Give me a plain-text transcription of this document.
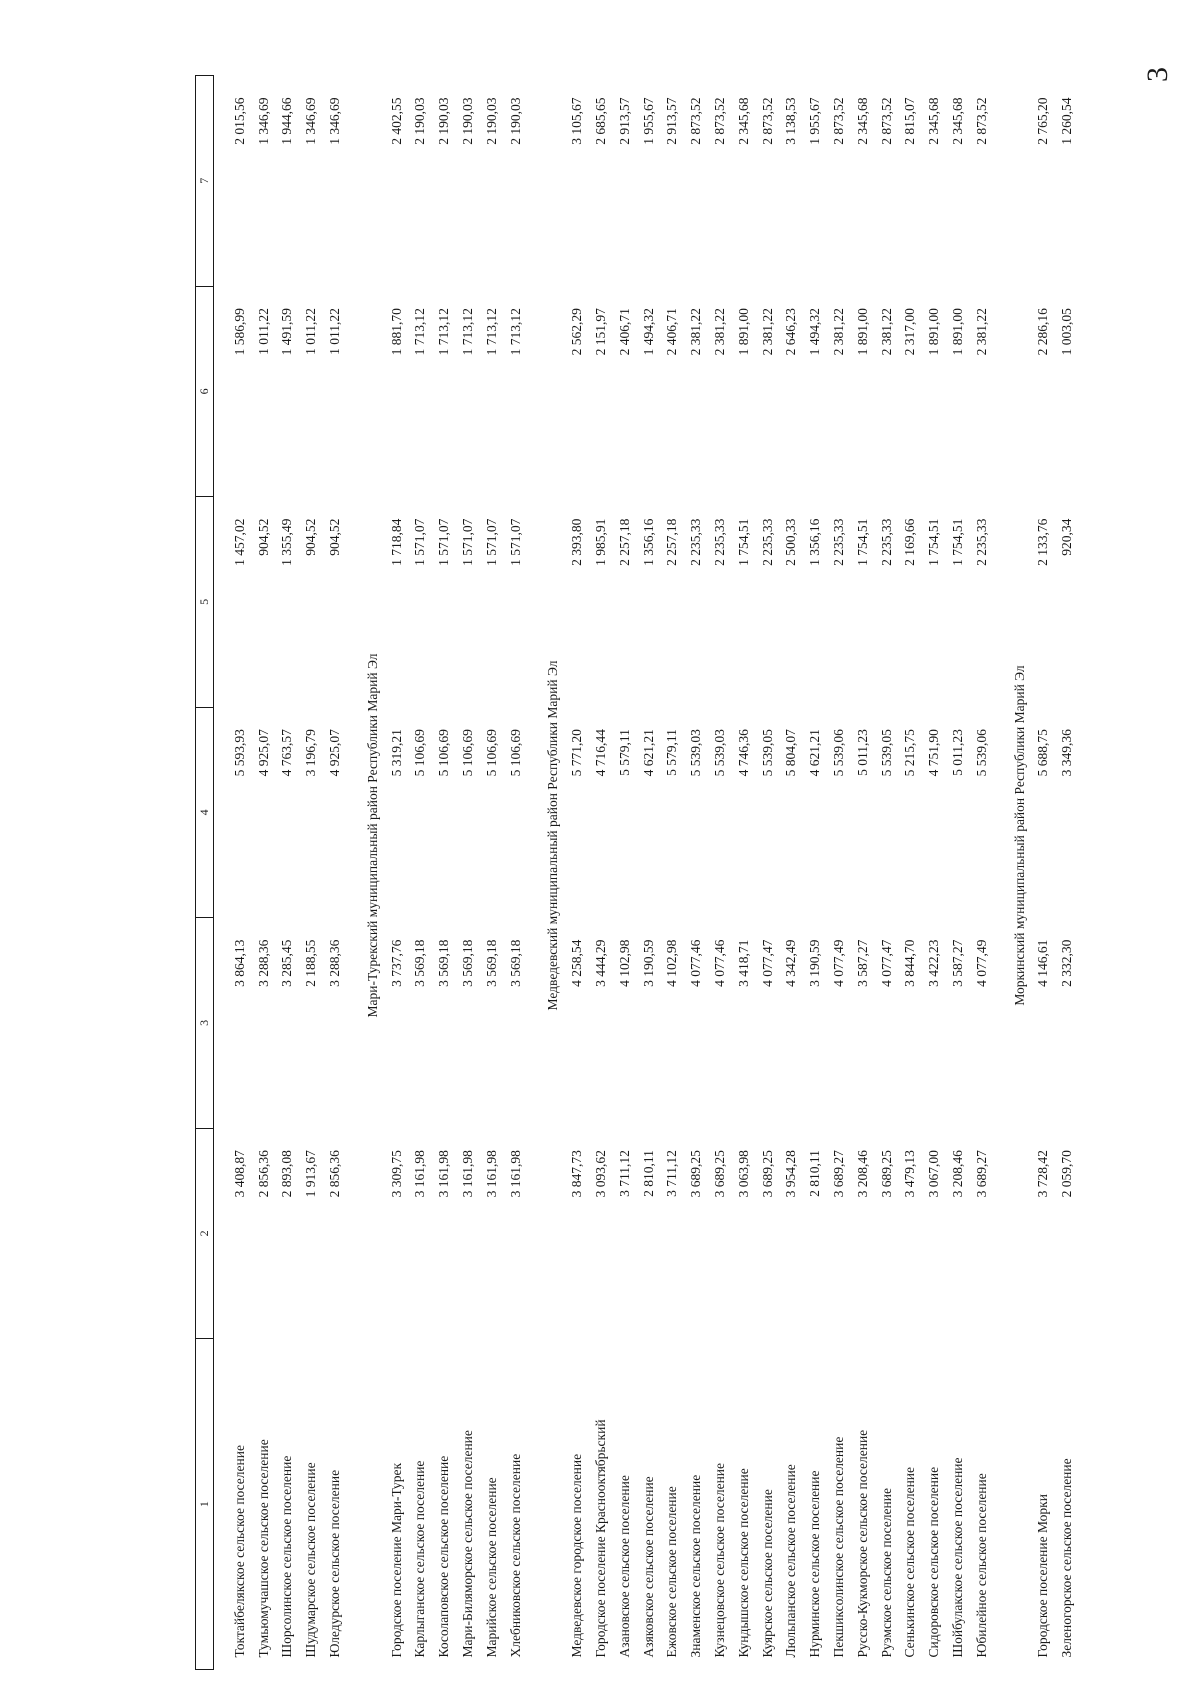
3
1	2	3	4	5	6	7

Токтайбелякское сельское поселение	3 408,87	3 864,13	5 593,93	1 457,02	1 586,99	2 015,56
Тумьюмучашское сельское поселение	2 856,36	3 288,36	4 925,07	904,52	1 011,22	1 346,69
Шорсолинское сельское поселение	2 893,08	3 285,45	4 763,57	1 355,49	1 491,59	1 944,66
Шудумарское сельское поселение	1 913,67	2 188,55	3 196,79	904,52	1 011,22	1 346,69
Юледурское сельское поселение	2 856,36	3 288,36	4 925,07	904,52	1 011,22	1 346,69

Мари-Турекский муниципальный район Республики Марий Эл						
Городское поселение Мари-Турек	3 309,75	3 737,76	5 319,21	1 718,84	1 881,70	2 402,55
Карлыганское сельское поселение	3 161,98	3 569,18	5 106,69	1 571,07	1 713,12	2 190,03
Косолаповское сельское поселение	3 161,98	3 569,18	5 106,69	1 571,07	1 713,12	2 190,03
Мари-Биляморское сельское поселение	3 161,98	3 569,18	5 106,69	1 571,07	1 713,12	2 190,03
Марийское сельское поселение	3 161,98	3 569,18	5 106,69	1 571,07	1 713,12	2 190,03
Хлебниковское сельское поселение	3 161,98	3 569,18	5 106,69	1 571,07	1 713,12	2 190,03

Медведевский муниципальный район Республики Марий Эл						
Медведевское городское поселение	3 847,73	4 258,54	5 771,20	2 393,80	2 562,29	3 105,67
Городское поселение Краснооктябрьский	3 093,62	3 444,29	4 716,44	1 985,91	2 151,97	2 685,65
Азановское сельское поселение	3 711,12	4 102,98	5 579,11	2 257,18	2 406,71	2 913,57
Азяковское сельское поселение	2 810,11	3 190,59	4 621,21	1 356,16	1 494,32	1 955,67
Ежовское сельское поселение	3 711,12	4 102,98	5 579,11	2 257,18	2 406,71	2 913,57
Знаменское сельское поселение	3 689,25	4 077,46	5 539,03	2 235,33	2 381,22	2 873,52
Кузнецовское сельское поселение	3 689,25	4 077,46	5 539,03	2 235,33	2 381,22	2 873,52
Кундышское сельское поселение	3 063,98	3 418,71	4 746,36	1 754,51	1 891,00	2 345,68
Куярское сельское поселение	3 689,25	4 077,47	5 539,05	2 235,33	2 381,22	2 873,52
Люльпанское сельское поселение	3 954,28	4 342,49	5 804,07	2 500,33	2 646,23	3 138,53
Нурминское сельское поселение	2 810,11	3 190,59	4 621,21	1 356,16	1 494,32	1 955,67
Пекшиксолинское сельское поселение	3 689,27	4 077,49	5 539,06	2 235,33	2 381,22	2 873,52
Русско-Кукморское сельское поселение	3 208,46	3 587,27	5 011,23	1 754,51	1 891,00	2 345,68
Руэмское сельское поселение	3 689,25	4 077,47	5 539,05	2 235,33	2 381,22	2 873,52
Сенькинское сельское поселение	3 479,13	3 844,70	5 215,75	2 169,66	2 317,00	2 815,07
Сидоровское сельское поселение	3 067,00	3 422,23	4 751,90	1 754,51	1 891,00	2 345,68
Шойбулакское сельское поселение	3 208,46	3 587,27	5 011,23	1 754,51	1 891,00	2 345,68
Юбилейное сельское поселение	3 689,27	4 077,49	5 539,06	2 235,33	2 381,22	2 873,52

Моркинский муниципальный район Республики Марий Эл						
Городское поселение Морки	3 728,42	4 146,61	5 688,75	2 133,76	2 286,16	2 765,20
Зеленогорское сельское поселение	2 059,70	2 332,30	3 349,36	920,34	1 003,05	1 260,54
